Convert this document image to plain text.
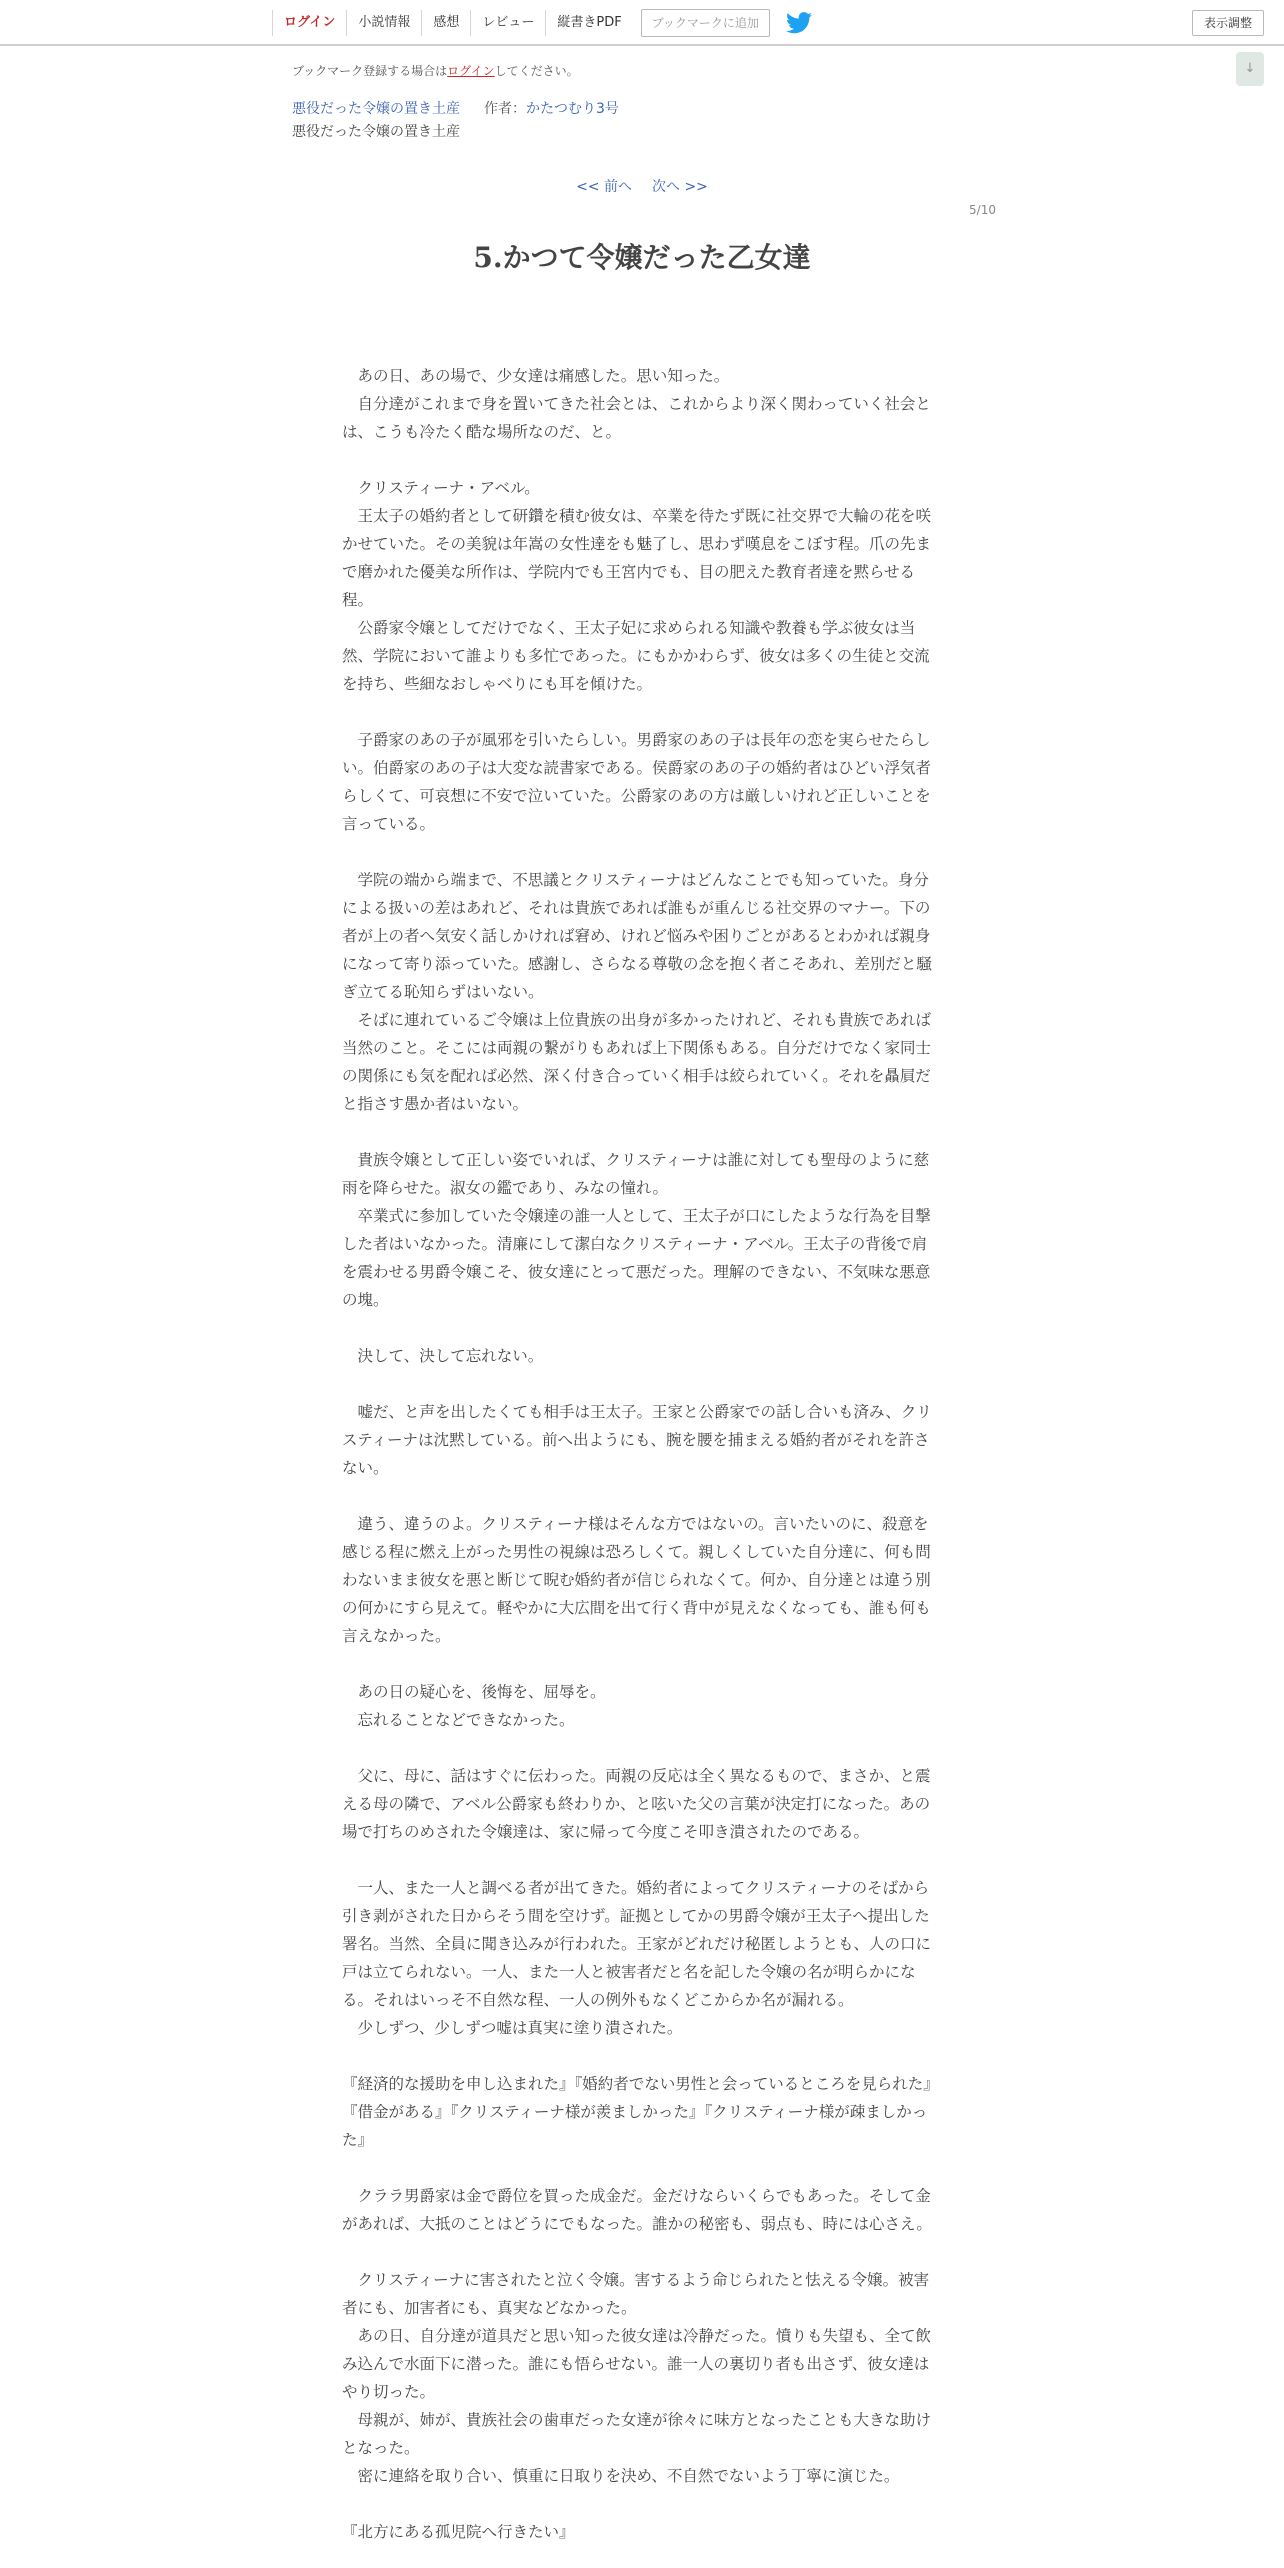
ログイン	小説情報	感想	レビュー	縦書きPDF	ブックマークに追加	表示調整
↓
ブックマーク登録する場合はログインしてください。
悪役だった令嬢の置き土産 作者：かたつむり3号
悪役だった令嬢の置き土産
<< 前へ 次へ >>
5/10
5.かつて令嬢だった乙女達

　あの日、あの場で、少女達は痛感した。思い知った。

　自分達がこれまで身を置いてきた社会とは、これからより深く関わっていく社会とは、こうも冷たく酷な場所なのだ、と。

　クリスティーナ・アベル。

　王太子の婚約者として研鑽を積む彼女は、卒業を待たず既に社交界で大輪の花を咲かせていた。その美貌は年嵩の女性達をも魅了し、思わず嘆息をこぼす程。爪の先まで磨かれた優美な所作は、学院内でも王宮内でも、目の肥えた教育者達を黙らせる程。

　公爵家令嬢としてだけでなく、王太子妃に求められる知識や教養も学ぶ彼女は当然、学院において誰よりも多忙であった。にもかかわらず、彼女は多くの生徒と交流を持ち、些細なおしゃべりにも耳を傾けた。

　子爵家のあの子が風邪を引いたらしい。男爵家のあの子は長年の恋を実らせたらしい。伯爵家のあの子は大変な読書家である。侯爵家のあの子の婚約者はひどい浮気者らしくて、可哀想に不安で泣いていた。公爵家のあの方は厳しいけれど正しいことを言っている。

　学院の端から端まで、不思議とクリスティーナはどんなことでも知っていた。身分による扱いの差はあれど、それは貴族であれば誰もが重んじる社交界のマナー。下の者が上の者へ気安く話しかければ窘め、けれど悩みや困りごとがあるとわかれば親身になって寄り添っていた。感謝し、さらなる尊敬の念を抱く者こそあれ、差別だと騒ぎ立てる恥知らずはいない。

　そばに連れているご令嬢は上位貴族の出身が多かったけれど、それも貴族であれば当然のこと。そこには両親の繋がりもあれば上下関係もある。自分だけでなく家同士の関係にも気を配れば必然、深く付き合っていく相手は絞られていく。それを贔屓だと指さす愚か者はいない。

　貴族令嬢として正しい姿でいれば、クリスティーナは誰に対しても聖母のように慈雨を降らせた。淑女の鑑であり、みなの憧れ。

　卒業式に参加していた令嬢達の誰一人として、王太子が口にしたような行為を目撃した者はいなかった。清廉にして潔白なクリスティーナ・アベル。王太子の背後で肩を震わせる男爵令嬢こそ、彼女達にとって悪だった。理解のできない、不気味な悪意の塊。

　決して、決して忘れない。

　嘘だ、と声を出したくても相手は王太子。王家と公爵家での話し合いも済み、クリスティーナは沈黙している。前へ出ようにも、腕を腰を捕まえる婚約者がそれを許さない。

　違う、違うのよ。クリスティーナ様はそんな方ではないの。言いたいのに、殺意を感じる程に燃え上がった男性の視線は恐ろしくて。親しくしていた自分達に、何も問わないまま彼女を悪と断じて睨む婚約者が信じられなくて。何か、自分達とは違う別の何かにすら見えて。軽やかに大広間を出て行く背中が見えなくなっても、誰も何も言えなかった。

　あの日の疑心を、後悔を、屈辱を。

　忘れることなどできなかった。

　父に、母に、話はすぐに伝わった。両親の反応は全く異なるもので、まさか、と震える母の隣で、アベル公爵家も終わりか、と呟いた父の言葉が決定打になった。あの場で打ちのめされた令嬢達は、家に帰って今度こそ叩き潰されたのである。

　一人、また一人と調べる者が出てきた。婚約者によってクリスティーナのそばから引き剥がされた日からそう間を空けず。証拠としてかの男爵令嬢が王太子へ提出した署名。当然、全員に聞き込みが行われた。王家がどれだけ秘匿しようとも、人の口に戸は立てられない。一人、また一人と被害者だと名を記した令嬢の名が明らかになる。それはいっそ不自然な程、一人の例外もなくどこからか名が漏れる。

　少しずつ、少しずつ嘘は真実に塗り潰された。

『経済的な援助を申し込まれた』『婚約者でない男性と会っているところを見られた』『借金がある』『クリスティーナ様が羨ましかった』『クリスティーナ様が疎ましかった』

　クララ男爵家は金で爵位を買った成金だ。金だけならいくらでもあった。そして金があれば、大抵のことはどうにでもなった。誰かの秘密も、弱点も、時には心さえ。

　クリスティーナに害されたと泣く令嬢。害するよう命じられたと怯える令嬢。被害者にも、加害者にも、真実などなかった。

　あの日、自分達が道具だと思い知った彼女達は冷静だった。憤りも失望も、全て飲み込んで水面下に潜った。誰にも悟らせない。誰一人の裏切り者も出さず、彼女達はやり切った。

　母親が、姉が、貴族社会の歯車だった女達が徐々に味方となったことも大きな助けとなった。

　密に連絡を取り合い、慎重に日取りを決め、不自然でないよう丁寧に演じた。

『北方にある孤児院へ行きたい』
